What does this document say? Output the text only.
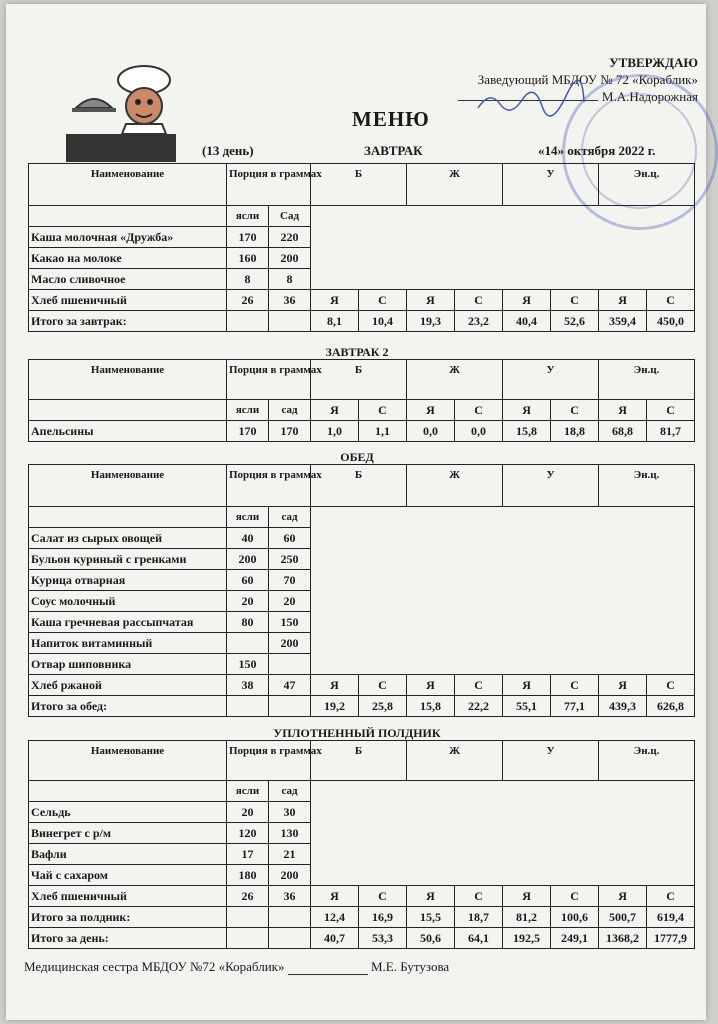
УТВЕРЖДАЮ
Заведующий МБДОУ № 72 «Кораблик»
М.А.Надорожная
МЕНЮ
(13 день)	ЗАВТРАК	«14» октября 2022 г.
Наименование	Порция в граммах		Б		Ж		У		Эн.ц.	
	ясли	Сад								
Каша молочная «Дружба»	170	220								
Какао на молоке	160	200								
Масло сливочное	8	8								
Хлеб пшеничный	26	36	Я	С	Я	С	Я	С	Я	С
Итого за завтрак:			8,1	10,4	19,3	23,2	40,4	52,6	359,4	450,0
ЗАВТРАК 2
Наименование	Порция в граммах		Б		Ж		У		Эн.ц.	
	ясли	сад	Я	С	Я	С	Я	С	Я	С
Апельсины	170	170	1,0	1,1	0,0	0,0	15,8	18,8	68,8	81,7
ОБЕД
Наименование	Порция в граммах		Б		Ж		У		Эн.ц.	
	ясли	сад								
Салат из сырых овощей	40	60								
Бульон куриный с гренками	200	250								
Курица отварная	60	70								
Соус молочный	20	20								
Каша гречневая рассыпчатая	80	150								
Напиток витаминный		200								
Отвар шиповника	150									
Хлеб ржаной	38	47	Я	С	Я	С	Я	С	Я	С
Итого за обед:			19,2	25,8	15,8	22,2	55,1	77,1	439,3	626,8
УПЛОТНЕННЫЙ ПОЛДНИК
Наименование	Порция в граммах		Б		Ж		У		Эн.ц.	
	ясли	сад								
Сельдь	20	30								
Винегрет с р/м	120	130								
Вафли	17	21								
Чай с сахаром	180	200								
Хлеб пшеничный	26	36	Я	С	Я	С	Я	С	Я	С
Итого за полдник:			12,4	16,9	15,5	18,7	81,2	100,6	500,7	619,4
Итого за день:			40,7	53,3	50,6	64,1	192,5	249,1	1368,2	1777,9
Медицинская сестра МБДОУ №72 «Кораблик»	М.Е. Бутузова
